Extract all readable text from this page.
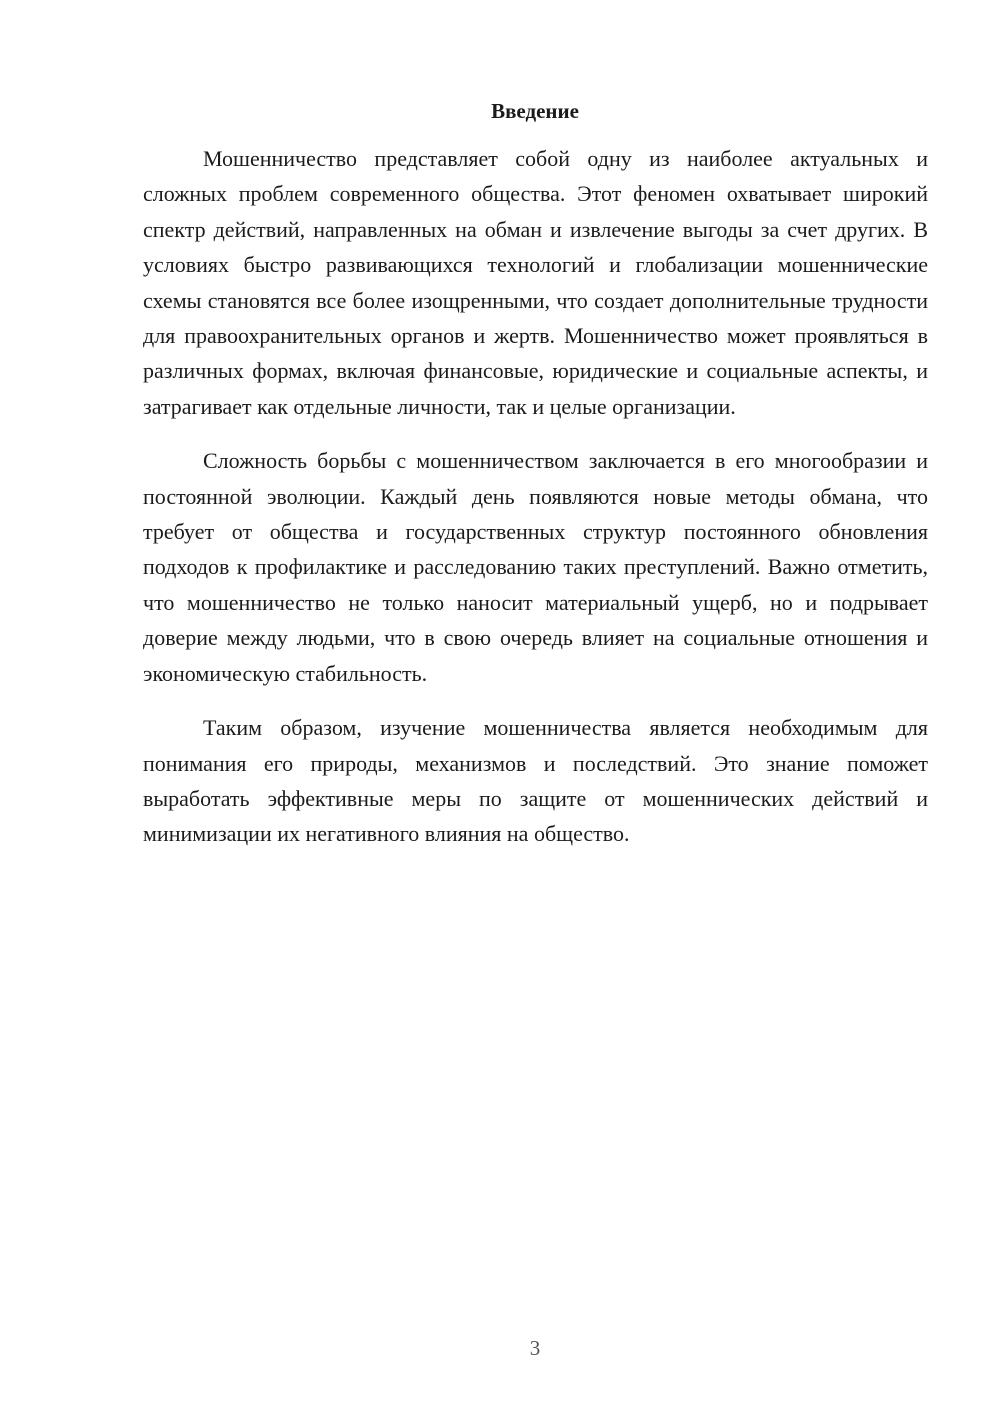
Введение

Мошенничество представляет собой одну из наиболее актуальных и сложных проблем современного общества. Этот феномен охватывает широкий спектр действий, направленных на обман и извлечение выгоды за счет других. В условиях быстро развивающихся технологий и глобализации мошеннические схемы становятся все более изощренными, что создает дополнительные трудности для правоохранительных органов и жертв. Мошенничество может проявляться в различных формах, включая финансовые, юридические и социальные аспекты, и затрагивает как отдельные личности, так и целые организации.

Сложность борьбы с мошенничеством заключается в его многообразии и постоянной эволюции. Каждый день появляются новые методы обмана, что требует от общества и государственных структур постоянного обновления подходов к профилактике и расследованию таких преступлений. Важно отметить, что мошенничество не только наносит материальный ущерб, но и подрывает доверие между людьми, что в свою очередь влияет на социальные отношения и экономическую стабильность.

Таким образом, изучение мошенничества является необходимым для понимания его природы, механизмов и последствий. Это знание поможет выработать эффективные меры по защите от мошеннических действий и минимизации их негативного влияния на общество.

3
